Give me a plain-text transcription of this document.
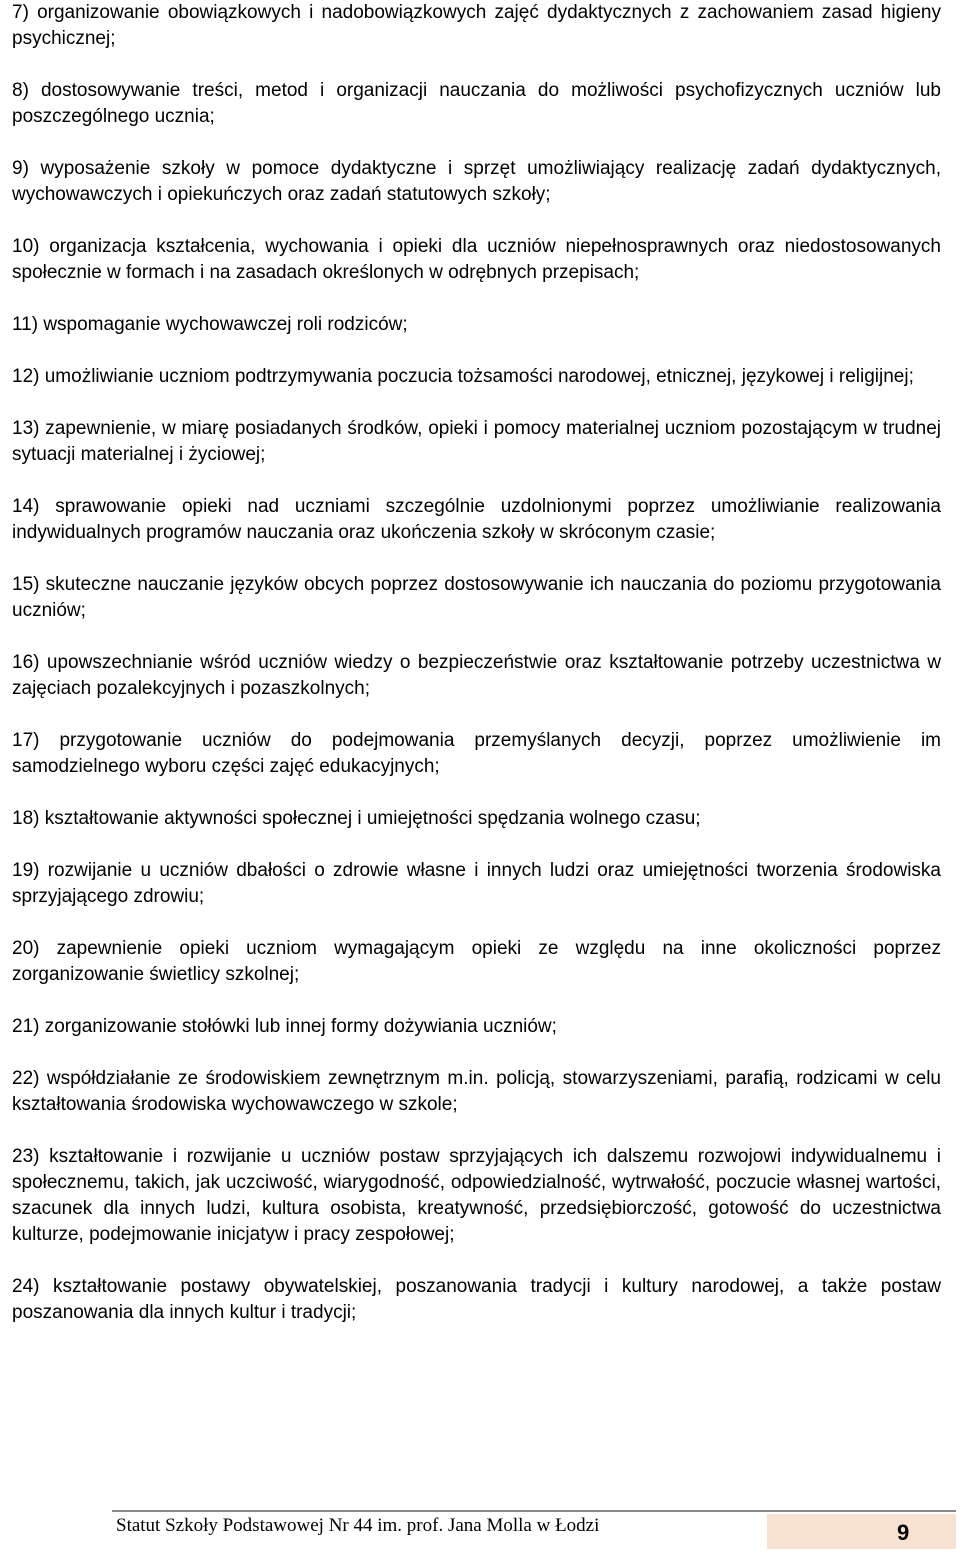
7) organizowanie obowiązkowych i nadobowiązkowych zajęć dydaktycznych z zachowaniem zasad higieny psychicznej;

8) dostosowywanie treści, metod i organizacji nauczania do możliwości psychofizycznych uczniów lub poszczególnego ucznia;

9) wyposażenie szkoły w pomoce dydaktyczne i sprzęt umożliwiający realizację zadań dydaktycznych, wychowawczych i opiekuńczych oraz zadań statutowych szkoły;

10) organizacja kształcenia, wychowania i opieki dla uczniów niepełnosprawnych oraz niedostosowanych społecznie w formach i na zasadach określonych w odrębnych przepisach;

11) wspomaganie wychowawczej roli rodziców;

12) umożliwianie uczniom podtrzymywania poczucia tożsamości narodowej, etnicznej, językowej i religijnej;

13) zapewnienie, w miarę posiadanych środków, opieki i pomocy materialnej uczniom pozostającym w trudnej sytuacji materialnej i życiowej;

14) sprawowanie opieki nad uczniami szczególnie uzdolnionymi poprzez umożliwianie realizowania indywidualnych programów nauczania oraz ukończenia szkoły w skróconym czasie;

15) skuteczne nauczanie języków obcych poprzez dostosowywanie ich nauczania do poziomu przygotowania uczniów;

16) upowszechnianie wśród uczniów wiedzy o bezpieczeństwie oraz kształtowanie potrzeby uczestnictwa w zajęciach pozalekcyjnych i pozaszkolnych;

17) przygotowanie uczniów do podejmowania przemyślanych decyzji, poprzez umożliwienie im samodzielnego wyboru części zajęć edukacyjnych;

18) kształtowanie aktywności społecznej i umiejętności spędzania wolnego czasu;

19) rozwijanie u uczniów dbałości o zdrowie własne i innych ludzi oraz umiejętności tworzenia środowiska sprzyjającego zdrowiu;

20) zapewnienie opieki uczniom wymagającym opieki ze względu na inne okoliczności poprzez zorganizowanie świetlicy szkolnej;

21) zorganizowanie stołówki lub innej formy dożywiania uczniów;

22) współdziałanie ze środowiskiem zewnętrznym m.in. policją, stowarzyszeniami, parafią, rodzicami w celu kształtowania środowiska wychowawczego w szkole;

23) kształtowanie i rozwijanie u uczniów postaw sprzyjających ich dalszemu rozwojowi indywidualnemu i społecznemu, takich, jak uczciwość, wiarygodność, odpowiedzialność, wytrwałość, poczucie własnej wartości, szacunek dla innych ludzi, kultura osobista, kreatywność, przedsiębiorczość, gotowość do uczestnictwa kulturze, podejmowanie inicjatyw i pracy zespołowej;

24) kształtowanie postawy obywatelskiej, poszanowania tradycji i kultury narodowej, a także postaw poszanowania dla innych kultur i tradycji;

Statut Szkoły Podstawowej Nr 44 im. prof. Jana Molla w Łodzi	9
